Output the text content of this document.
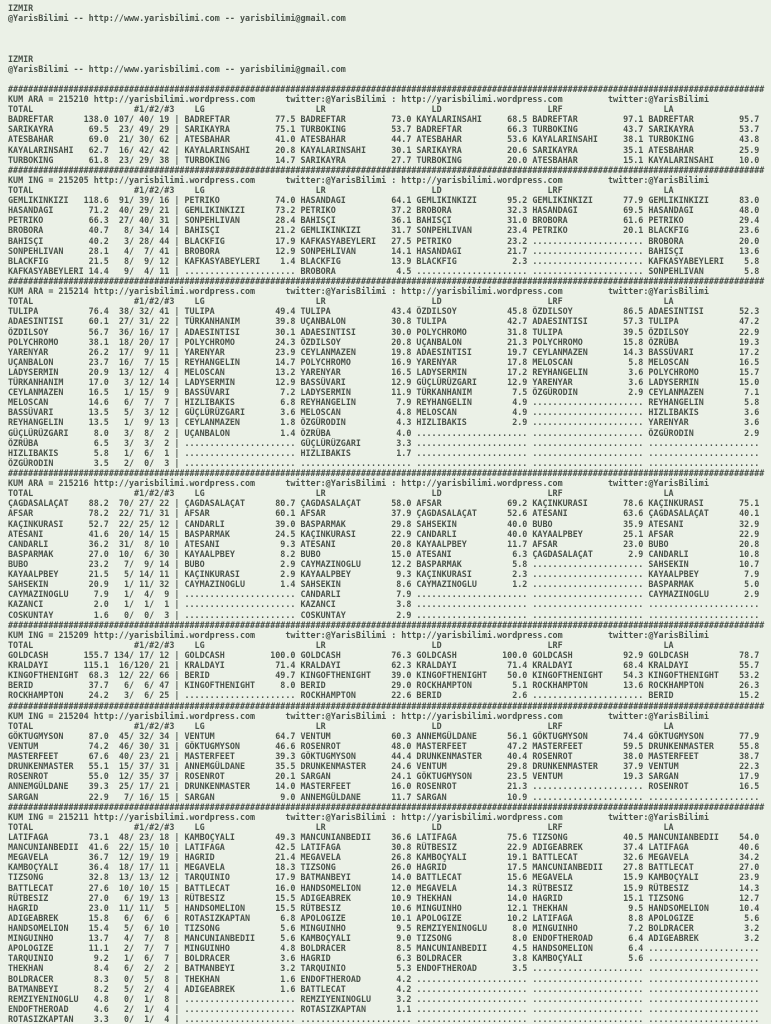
IZMIR
@YarisBilimi -- http://www.yarisbilimi.com -- yarisbilimi@gmail.com
IZMIR
@YarisBilimi -- http://www.yarisbilimi.com -- yarisbilimi@gmail.com
######################################################################################################################################################
KUM ARA = 215210 http://yarisbilimi.wordpress.com      twitter:@YarisBilimi : http://yarisbilimi.wordpress.com         twitter:@YarisBilimi
TOTAL                    #1/#2/#3    LG                      LR                     LD                     LRF                    LA
BADREFTAR      138.0 107/ 40/ 19 | BADREFTAR         77.5 BADREFTAR         73.0 KAYALARINSAHI     68.5 BADREFTAR         97.1 BADREFTAR         95.7
SARIKAYRA       69.5  23/ 49/ 29 | SARIKAYRA         75.1 TURBOKING         53.7 BADREFTAR         66.3 TURBOKING         43.7 SARIKAYRA         53.7
ATESBAHAR       69.0  21/ 30/ 62 | ATESBAHAR         41.0 ATESBAHAR         44.7 ATESBAHAR         53.6 KAYALARINSAHI     38.1 TURBOKING         43.8
KAYALARINSAHI   62.7  16/ 42/ 42 | KAYALARINSAHI     20.8 KAYALARINSAHI     30.1 SARIKAYRA         20.6 SARIKAYRA         35.1 ATESBAHAR         25.9
TURBOKING       61.8  23/ 29/ 38 | TURBOKING         14.7 SARIKAYRA         27.7 TURBOKING         20.0 ATESBAHAR         15.1 KAYALARINSAHI     10.0
######################################################################################################################################################
KUM ING = 215205 http://yarisbilimi.wordpress.com      twitter:@YarisBilimi : http://yarisbilimi.wordpress.com         twitter:@YarisBilimi
TOTAL                    #1/#2/#3    LG                      LR                     LD                     LRF                    LA
GEMLIKINKIZI   118.6  91/ 39/ 16 | PETRIKO           74.0 HASANDAGI         64.1 GEMLIKINKIZI      95.2 GEMLIKINKIZI      77.9 GEMLIKINKIZI      83.0
HASANDAGI       71.2  40/ 29/ 21 | GEMLIKINKIZI      73.2 PETRIKO           37.2 BROBORA           32.3 HASANDAGI         69.5 HASANDAGI         48.0
PETRIKO         66.3  27/ 40/ 31 | SONPEHLIVAN       28.4 BAHISÇI           36.1 BAHISÇI           31.0 BROBORA           61.6 PETRIKO           29.4
BROBORA         40.7   8/ 34/ 14 | BAHISÇI           21.2 GEMLIKINKIZI      31.7 SONPEHLIVAN       23.4 PETRIKO           20.1 BLACKFIG          23.6
BAHISÇI         40.2   3/ 28/ 44 | BLACKFIG          17.9 KAFKASYABEYLERI   27.5 PETRIKO           23.2 ...................... BROBORA           20.0
SONPEHLIVAN     28.1   4/  7/ 41 | BROBORA           12.9 SONPEHLIVAN       14.1 HASANDAGI         21.7 ...................... BAHISÇI           13.6
BLACKFIG        21.5   8/  9/ 12 | KAFKASYABEYLERI    1.4 BLACKFIG          13.9 BLACKFIG           2.3 ...................... KAFKASYABEYLERI    5.8
KAFKASYABEYLERI 14.4   9/  4/ 11 | ...................... BROBORA            4.5 ...................... ...................... SONPEHLIVAN        5.8
######################################################################################################################################################
KUM ARA = 215214 http://yarisbilimi.wordpress.com      twitter:@YarisBilimi : http://yarisbilimi.wordpress.com         twitter:@YarisBilimi
TOTAL                    #1/#2/#3    LG                      LR                     LD                     LRF                    LA
TULIPA          76.4  38/ 32/ 41 | TULIPA            49.4 TULIPA            43.4 ÖZDILSOY          45.8 ÖZDILSOY          86.5 ADAESINTISI       52.3
ADAESINTISI     60.1  27/ 31/ 22 | TÜRKANHANIM       39.8 UÇANBALON         30.8 TULIPA            42.7 ADAESINTISI       57.3 TULIPA            47.2
ÖZDILSOY        56.7  36/ 16/ 17 | ADAESINTISI       30.1 ADAESINTISI       30.0 POLYCHROMO        31.8 TULIPA            39.5 ÖZDILSOY          22.9
POLYCHROMO      38.1  18/ 20/ 17 | POLYCHROMO        24.3 ÖZDILSOY          20.8 UÇANBALON         21.3 POLYCHROMO        15.8 ÖZRÜBA            19.3
YARENYAR        26.2  17/  9/ 11 | YARENYAR          23.9 CEYLANMAZEN       19.8 ADAESINTISI       19.7 CEYLANMAZEN       14.3 BASSÜVARI         17.2
UÇANBALON       23.7  16/  7/ 15 | REYHANGELIN       14.7 POLYCHROMO        16.9 YARENYAR          17.8 MELOSCAN           5.8 MELOSCAN          16.5
LADYSERMIN      20.9  13/ 12/  4 | MELOSCAN          13.2 YARENYAR          16.5 LADYSERMIN        17.2 REYHANGELIN        3.6 POLYCHROMO        15.7
TÜRKANHANIM     17.0   3/ 12/ 14 | LADYSERMIN        12.9 BASSÜVARI         12.9 GÜÇLÜRÜZGARI      12.9 YARENYAR           3.6 LADYSERMIN        15.0
CEYLANMAZEN     16.5   1/ 15/  9 | BASSÜVARI          7.2 LADYSERMIN        11.9 TÜRKANHANIM        7.5 ÖZGÜRODIN          2.9 CEYLANMAZEN        7.1
MELOSCAN        14.6   6/  7/  7 | HIZLIBAKIS         6.8 REYHANGELIN        7.9 REYHANGELIN        4.9 ...................... REYHANGELIN        5.8
BASSÜVARI       13.5   5/  3/ 12 | GÜÇLÜRÜZGARI       3.6 MELOSCAN           4.8 MELOSCAN           4.9 ...................... HIZLIBAKIS         3.6
REYHANGELIN     13.5   1/  9/ 13 | CEYLANMAZEN        1.8 ÖZGÜRODIN          4.3 HIZLIBAKIS         2.9 ...................... YARENYAR           3.6
GÜÇLÜRÜZGARI     8.0   3/  8/  2 | UÇANBALON          1.4 ÖZRÜBA             4.0 ...................... ...................... ÖZGÜRODIN          2.9
ÖZRÜBA           6.5   3/  3/  2 | ...................... GÜÇLÜRÜZGARI       3.3 ...................... ...................... ......................
HIZLIBAKIS       5.8   1/  6/  1 | ...................... HIZLIBAKIS         1.7 ...................... ...................... ......................
ÖZGÜRODIN        3.5   2/  0/  3 | ...................... ...................... ...................... ...................... ......................
######################################################################################################################################################
KUM ARA = 215216 http://yarisbilimi.wordpress.com      twitter:@YarisBilimi : http://yarisbilimi.wordpress.com         twitter:@YarisBilimi
TOTAL                    #1/#2/#3    LG                      LR                     LD                     LRF                    LA
ÇAGDASALAÇAT    88.2  70/ 27/ 22 | ÇAGDASALAÇAT      80.7 ÇAGDASALAÇAT      58.0 AFSAR             69.2 KAÇINKURASI       78.6 KAÇINKURASI       75.1
AFSAR           78.2  22/ 71/ 31 | AFSAR             60.1 AFSAR             37.9 ÇAGDASALAÇAT      52.6 ATESANI           63.6 ÇAGDASALAÇAT      40.1
KAÇINKURASI     52.7  22/ 25/ 12 | CANDARLI          39.0 BASPARMAK         29.8 SAHSEKIN          40.0 BUBO              35.9 ATESANI           32.9
ATESANI         41.6  20/ 14/ 15 | BASPARMAK         24.5 KAÇINKURASI       22.9 CANDARLI          40.0 KAYAALPBEY        25.1 AFSAR             22.9
CANDARLI        36.2  31/  8/ 10 | ATESANI            9.3 ATESANI           20.8 KAYAALPBEY        11.7 AFSAR             23.0 BUBO              20.8
BASPARMAK       27.0  10/  6/ 30 | KAYAALPBEY         8.2 BUBO              15.0 ATESANI            6.3 ÇAGDASALAÇAT       2.9 CANDARLI          10.8
BUBO            23.2   7/  9/ 14 | BUBO               2.9 CAYMAZINOGLU      12.2 BASPARMAK          5.8 ...................... SAHSEKIN          10.7
KAYAALPBEY      21.5   5/ 14/ 11 | KAÇINKURASI        2.9 KAYAALPBEY         9.3 KAÇINKURASI        2.3 ...................... KAYAALPBEY         7.9
SAHSEKIN        20.9   1/ 11/ 32 | CAYMAZINOGLU       1.4 SAHSEKIN           8.6 CAYMAZINOGLU       1.2 ...................... BASPARMAK          5.0
CAYMAZINOGLU     7.9   1/  4/  9 | ...................... CANDARLI           7.9 ...................... ...................... CAYMAZINOGLU       2.9
KAZANCI          2.0   1/  1/  1 | ...................... KAZANCI            3.8 ...................... ...................... ......................
COSKUNTAY        1.6   0/  0/  3 | ...................... COSKUNTAY          2.9 ...................... ...................... ......................
######################################################################################################################################################
KUM ING = 215209 http://yarisbilimi.wordpress.com      twitter:@YarisBilimi : http://yarisbilimi.wordpress.com         twitter:@YarisBilimi
TOTAL                    #1/#2/#3    LG                      LR                     LD                     LRF                    LA
GOLDCASH       155.7 134/ 17/ 12 | GOLDCASH         100.0 GOLDCASH          76.3 GOLDCASH         100.0 GOLDCASH          92.9 GOLDCASH          78.7
KRALDAYI       115.1  16/120/ 21 | KRALDAYI          71.4 KRALDAYI          62.3 KRALDAYI          71.4 KRALDAYI          68.4 KRALDAYI          55.7
KINGOFTHENIGHT  68.3  12/ 22/ 66 | BERID             49.7 KINGOFTHENIGHT    39.0 KINGOFTHENIGHT    50.0 KINGOFTHENIGHT    54.3 KINGOFTHENIGHT    53.2
BERID           37.7   6/  6/ 47 | KINGOFTHENIGHT     8.0 BERID             29.0 ROCKHAMPTON        5.1 ROCKHAMPTON       13.6 ROCKHAMPTON       26.3
ROCKHAMPTON     24.2   3/  6/ 25 | ...................... ROCKHAMPTON       22.6 BERID              2.6 ...................... BERID             15.2
######################################################################################################################################################
KUM ING = 215204 http://yarisbilimi.wordpress.com      twitter:@YarisBilimi : http://yarisbilimi.wordpress.com         twitter:@YarisBilimi
TOTAL                    #1/#2/#3    LG                      LR                     LD                     LRF                    LA
GÖKTUGMYSON     87.0  45/ 32/ 34 | VENTUM            64.7 VENTUM            60.3 ANNEMGÜLDANE      56.1 GÖKTUGMYSON       74.4 GÖKTUGMYSON       77.9
VENTUM          74.2  46/ 30/ 31 | GÖKTUGMYSON       46.6 ROSENROT          48.0 MASTERFEET        47.2 MASTERFEET        59.5 DRUNKENMASTER     55.8
MASTERFEET      67.6  40/ 23/ 21 | MASTERFEET        39.3 GÖKTUGMYSON       44.4 DRUNKENMASTER     40.4 ROSENROT          38.0 MASTERFEET        38.7
DRUNKENMASTER   55.1  15/ 37/ 31 | ANNEMGÜLDANE      35.5 DRUNKENMASTER     24.6 VENTUM            29.8 DRUNKENMASTER     37.9 VENTUM            22.3
ROSENROT        55.0  12/ 35/ 37 | ROSENROT          20.1 SARGAN            24.1 GÖKTUGMYSON       23.5 VENTUM            19.3 SARGAN            17.9
ANNEMGÜLDANE    39.3  25/ 17/ 21 | DRUNKENMASTER     14.0 MASTERFEET        16.0 ROSENROT          21.3 ...................... ROSENROT          16.5
SARGAN          22.9   7/ 16/ 15 | SARGAN             9.0 ANNEMGÜLDANE      11.7 SARGAN            10.9 ...................... ......................
######################################################################################################################################################
KUM ING = 215211 http://yarisbilimi.wordpress.com      twitter:@YarisBilimi : http://yarisbilimi.wordpress.com         twitter:@YarisBilimi
TOTAL                    #1/#2/#3    LG                      LR                     LD                     LRF                    LA
LATIFAGA        73.1  48/ 23/ 18 | KAMBOÇYALI        49.3 MANCUNIANBEDII    36.6 LATIFAGA          75.6 TIZSONG           40.5 MANCUNIANBEDII    54.0
MANCUNIANBEDII  41.6  22/ 15/ 10 | LATIFAGA          42.5 LATIFAGA          30.8 RÜTBESIZ          22.9 ADIGEABREK        37.4 LATIFAGA          40.6
MEGAVELA        36.7  12/ 19/ 19 | HAGRID            21.4 MEGAVELA          26.8 KAMBOÇYALI        19.1 BATTLECAT         32.6 MEGAVELA          34.2
KAMBOÇYALI      36.4  18/ 17/ 11 | MEGAVELA          18.3 TIZSONG           26.0 HAGRID            17.5 MANCUNIANBEDII    27.8 BATTLECAT         27.0
TIZSONG         32.8  13/ 13/ 12 | TARQUINIO         17.9 BATMANBEYI        14.0 BATTLECAT         15.6 MEGAVELA          15.9 KAMBOÇYALI        23.9
BATTLECAT       27.6  10/ 10/ 15 | BATTLECAT         16.0 HANDSOMELION      12.0 MEGAVELA          14.3 RÜTBESIZ          15.9 RÜTBESIZ          14.3
RÜTBESIZ        27.0   6/ 19/ 13 | RÜTBESIZ          15.5 ADIGEABREK        10.9 THEKHAN           14.0 HAGRID            15.1 TIZSONG           12.7
HAGRID          23.0  11/ 11/  5 | HANDSOMELION      15.5 RÜTBESIZ          10.6 MINGUINHO         12.1 THEKHAN            9.5 HANDSOMELION      10.4
ADIGEABREK      15.8   6/  6/  6 | ROTASIZKAPTAN      6.8 APOLOGIZE         10.1 APOLOGIZE         10.2 LATIFAGA           8.8 APOLOGIZE          5.6
HANDSOMELION    15.4   5/  6/ 10 | TIZSONG            5.6 MINGUINHO          9.5 REMZIYENINOGLU     8.0 MINGUINHO          7.2 BOLDRACER          3.2
MINGUINHO       13.7   4/  7/  8 | MANCUNIANBEDII     5.6 KAMBOÇYALI         9.0 TIZSONG            8.0 ENDOFTHEROAD       6.4 ADIGEABREK         3.2
APOLOGIZE       11.1   2/  7/  7 | MINGUINHO          4.8 BOLDRACER          8.5 MANCUNIANBEDII     4.5 HANDSOMELION       6.4 ......................
TARQUINIO        9.2   1/  6/  7 | BOLDRACER          3.6 HAGRID             6.3 BOLDRACER          3.8 KAMBOÇYALI         5.6 ......................
THEKHAN          8.4   6/  2/  2 | BATMANBEYI         3.2 TARQUINIO          5.3 ENDOFTHEROAD       3.5 ...................... ......................
BOLDRACER        8.3   0/  5/  8 | THEKHAN            1.6 ENDOFTHEROAD       4.2 ...................... ...................... ......................
BATMANBEYI       8.2   5/  2/  4 | ADIGEABREK         1.6 BATTLECAT          4.2 ...................... ...................... ......................
REMZIYENINOGLU   4.8   0/  1/  8 | ...................... REMZIYENINOGLU     3.2 ...................... ...................... ......................
ENDOFTHEROAD     4.6   2/  1/  4 | ...................... ROTASIZKAPTAN      1.1 ...................... ...................... ......................
ROTASIZKAPTAN    3.3   0/  1/  4 | ...................... ...................... ...................... ...................... ......................
